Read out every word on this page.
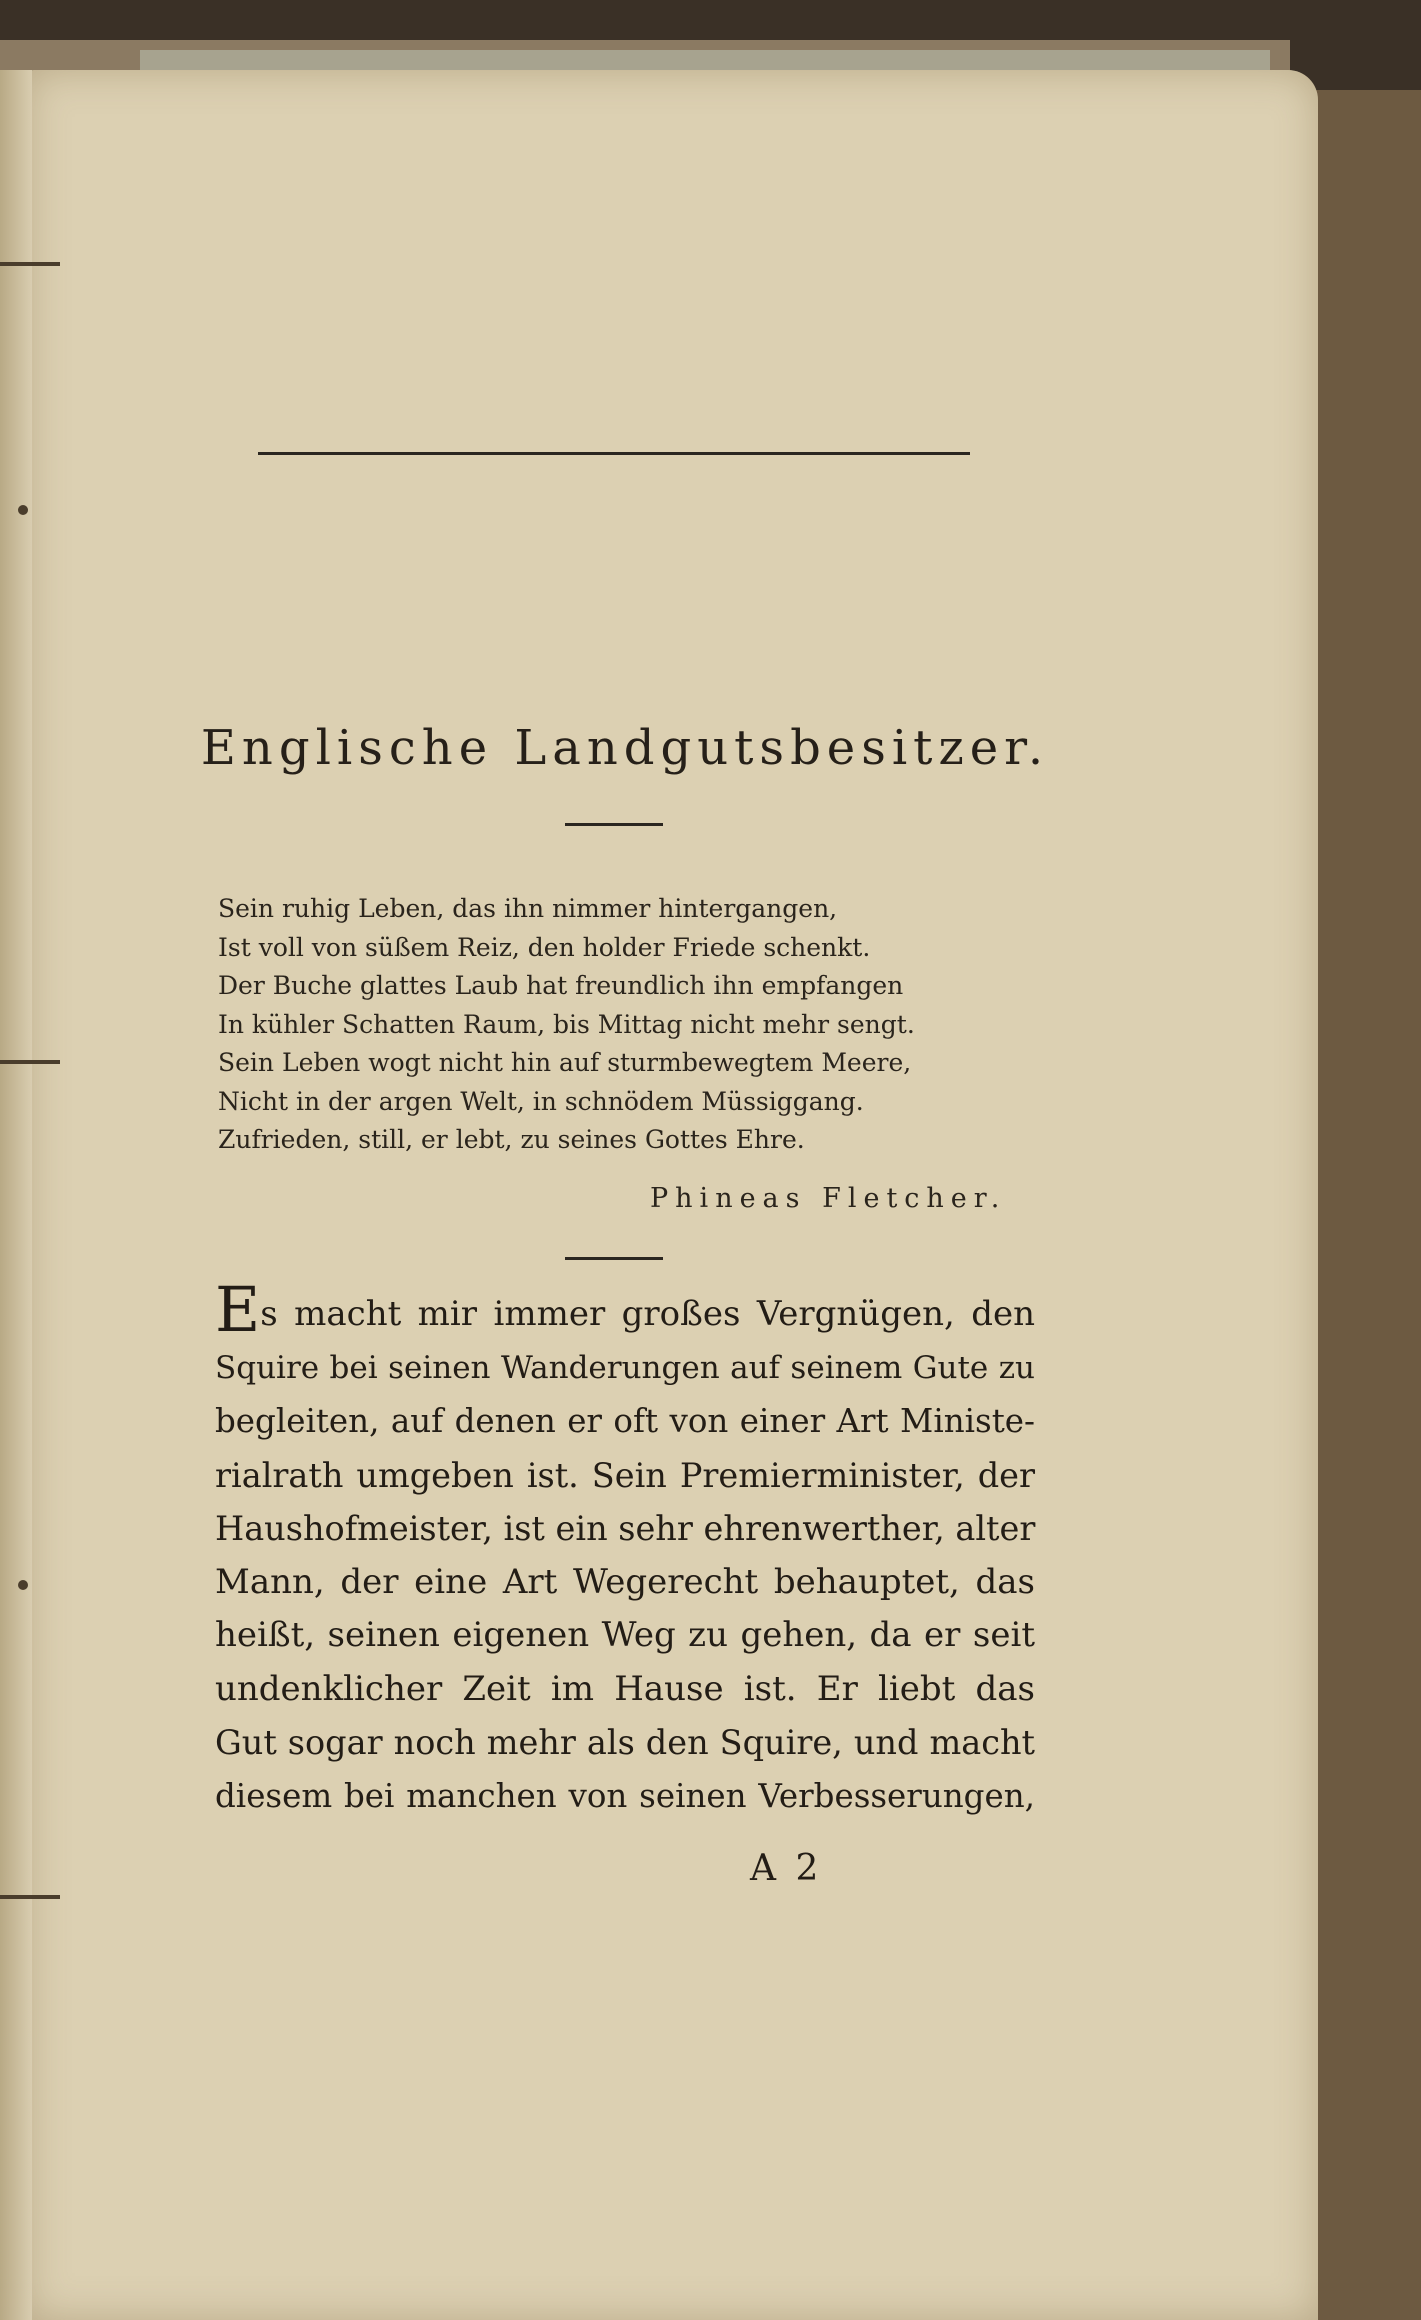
Englische Landgutsbesitzer.
Sein ruhig Leben, das ihn nimmer hintergangen,
Ist voll von süßem Reiz, den holder Friede schenkt.
Der Buche glattes Laub hat freundlich ihn empfangen
In kühler Schatten Raum, bis Mittag nicht mehr sengt.
Sein Leben wogt nicht hin auf sturmbewegtem Meere,
Nicht in der argen Welt, in schnödem Müssiggang.
Zufrieden, still, er lebt, zu seines Gottes Ehre.
Phineas Fletcher.
Es macht mir immer großes Vergnügen, den
Squire bei seinen Wanderungen auf seinem Gute zu
begleiten, auf denen er oft von einer Art Ministe-
rialrath umgeben ist. Sein Premierminister, der
Haushofmeister, ist ein sehr ehrenwerther, alter
Mann, der eine Art Wegerecht behauptet, das
heißt, seinen eigenen Weg zu gehen, da er seit
undenklicher Zeit im Hause ist. Er liebt das
Gut sogar noch mehr als den Squire, und macht
diesem bei manchen von seinen Verbesserungen,
A 2
